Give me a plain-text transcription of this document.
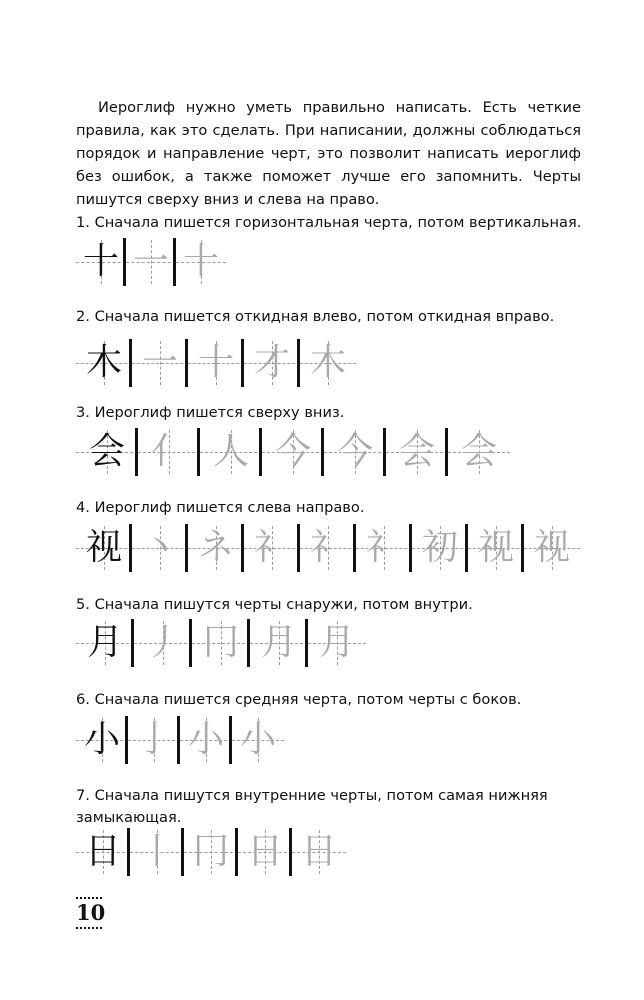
Иероглиф нужно уметь правильно написать. Есть четкие правила, как это сделать. При написании, должны соблюдаться порядок и направление черт, это позволит написать иероглиф без ошибок, а также поможет лучше его запомнить. Черты пишутся сверху вниз и слева на право.

1. Сначала пишется горизонтальная черта, потом вертикальная.

十 一 十

2. Сначала пишется откидная влево, потом откидная вправо.

木 一 十 才 木

3. Иероглиф пишется сверху вниз.

会 亻 人 今 今 会 会

4. Иероглиф пишется слева направо.

视 丶 ネ 礻 礻 礻 初 视 视

5. Сначала пишутся черты снаружи, потом внутри.

月 丿 冂 月 月

6. Сначала пишется средняя черта, потом черты с боков.

小 亅 小 小

7. Сначала пишутся внутренние черты, потом самая нижняя замыкающая.

日 丨 冂 日 日
10
